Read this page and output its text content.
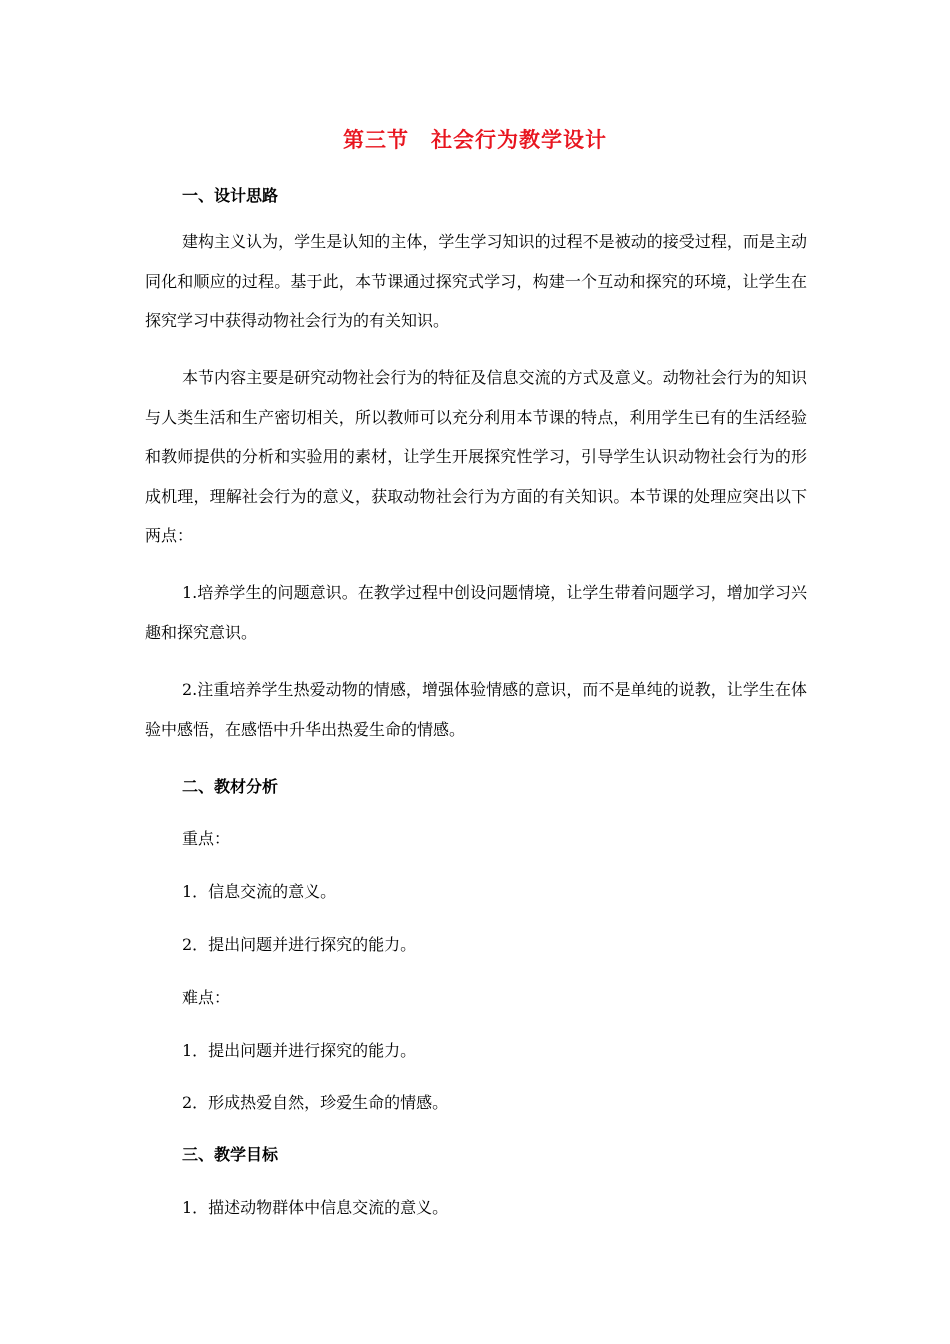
第三节　社会行为教学设计
一、设计思路
建构主义认为，学生是认知的主体，学生学习知识的过程不是被动的接受过程，而是主动同化和顺应的过程。基于此，本节课通过探究式学习，构建一个互动和探究的环境，让学生在探究学习中获得动物社会行为的有关知识。
本节内容主要是研究动物社会行为的特征及信息交流的方式及意义。动物社会行为的知识与人类生活和生产密切相关，所以教师可以充分利用本节课的特点，利用学生已有的生活经验和教师提供的分析和实验用的素材，让学生开展探究性学习，引导学生认识动物社会行为的形成机理，理解社会行为的意义，获取动物社会行为方面的有关知识。本节课的处理应突出以下两点：
1.培养学生的问题意识。在教学过程中创设问题情境，让学生带着问题学习，增加学习兴趣和探究意识。
2.注重培养学生热爱动物的情感，增强体验情感的意识，而不是单纯的说教，让学生在体验中感悟，在感悟中升华出热爱生命的情感。
二、教材分析
重点：
1．信息交流的意义。
2．提出问题并进行探究的能力。
难点：
1．提出问题并进行探究的能力。
2．形成热爱自然，珍爱生命的情感。
三、教学目标
1．描述动物群体中信息交流的意义。
